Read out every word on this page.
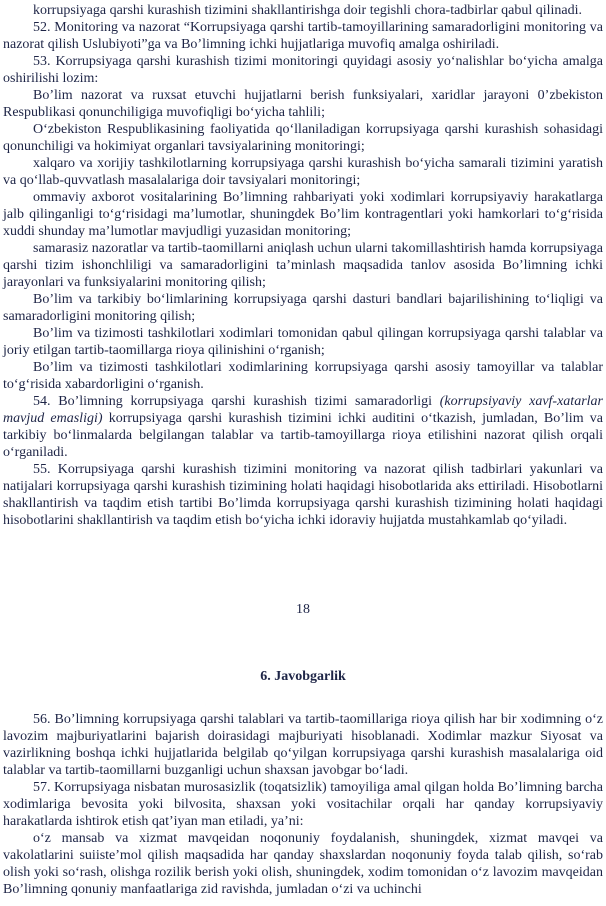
korrupsiyaga qarshi kurashish tizimini shakllantirishga doir tegishli chora-tadbirlar qabul qilinadi.

52. Monitoring va nazorat “Korrupsiyaga qarshi tartib-tamoyillarining samaradorligini monitoring va nazorat qilish Uslubiyoti”ga va Bo’limning ichki hujjatlariga muvofiq amalga oshiriladi.

53. Korrupsiyaga qarshi kurashish tizimi monitoringi quyidagi asosiy yo‘nalishlar bo‘yicha amalga oshirilishi lozim:

Bo’lim nazorat va ruxsat etuvchi hujjatlarni berish funksiyalari, xaridlar jarayoni 0’zbekiston Respublikasi qonunchiligiga muvofiqligi bo‘yicha tahlili;

O‘zbekiston Respublikasining faoliyatida qo‘llaniladigan korrupsiyaga qarshi kurashish sohasidagi qonunchiligi va hokimiyat organlari tavsiyalarining monitoringi;

xalqaro va xorijiy tashkilotlarning korrupsiyaga qarshi kurashish bo‘yicha samarali tizimini yaratish va qo‘llab-quvvatlash masalalariga doir tavsiyalari monitoringi;

ommaviy axborot vositalarining Bo’limning rahbariyati yoki xodimlari korrupsiyaviy harakatlarga jalb qilinganligi to‘g‘risidagi ma’lumotlar, shuningdek Bo’lim kontragentlari yoki hamkorlari to‘g‘risida xuddi shunday ma’lumotlar mavjudligi yuzasidan monitoring;

samarasiz nazoratlar va tartib-taomillarni aniqlash uchun ularni takomillashtirish hamda korrupsiyaga qarshi tizim ishonchliligi va samaradorligini ta’minlash maqsadida tanlov asosida Bo’limning ichki jarayonlari va funksiyalarini monitoring qilish;

Bo’lim va tarkibiy bo‘limlarining korrupsiyaga qarshi dasturi bandlari bajarilishining to‘liqligi va samaradorligini monitoring qilish;

Bo’lim va tizimosti tashkilotlari xodimlari tomonidan qabul qilingan korrupsiyaga qarshi talablar va joriy etilgan tartib-taomillarga rioya qilinishini o‘rganish;

Bo’lim va tizimosti tashkilotlari xodimlarining korrupsiyaga qarshi asosiy tamoyillar va talablar to‘g‘risida xabardorligini o‘rganish.

54. Bo’limning korrupsiyaga qarshi kurashish tizimi samaradorligi (korrupsiyaviy xavf-xatarlar mavjud emasligi) korrupsiyaga qarshi kurashish tizimini ichki auditini o‘tkazish, jumladan, Bo’lim va tarkibiy bo‘linmalarda belgilangan talablar va tartib-tamoyillarga rioya etilishini nazorat qilish orqali o‘rganiladi.

55. Korrupsiyaga qarshi kurashish tizimini monitoring va nazorat qilish tadbirlari yakunlari va natijalari korrupsiyaga qarshi kurashish tizimining holati haqidagi hisobotlarida aks ettiriladi. Hisobotlarni shakllantirish va taqdim etish tartibi Bo’limda korrupsiyaga qarshi kurashish tizimining holati haqidagi hisobotlarini shakllantirish va taqdim etish bo‘yicha ichki idoraviy hujjatda mustahkamlab qo‘yiladi.

18
6. Javobgarlik

56. Bo’limning korrupsiyaga qarshi talablari va tartib-taomillariga rioya qilish har bir xodimning o‘z lavozim majburiyatlarini bajarish doirasidagi majburiyati hisoblanadi. Xodimlar mazkur Siyosat va vazirlikning boshqa ichki hujjatlarida belgilab qo‘yilgan korrupsiyaga qarshi kurashish masalalariga oid talablar va tartib-taomillarni buzganligi uchun shaxsan javobgar bo‘ladi.

57. Korrupsiyaga nisbatan murosasizlik (toqatsizlik) tamoyiliga amal qilgan holda Bo’limning barcha xodimlariga bevosita yoki bilvosita, shaxsan yoki vositachilar orqali har qanday korrupsiyaviy harakatlarda ishtirok etish qat’iyan man etiladi, ya’ni:

o‘z mansab va xizmat mavqeidan noqonuniy foydalanish, shuningdek, xizmat mavqei va vakolatlarini suiiste’mol qilish maqsadida har qanday shaxslardan noqonuniy foyda talab qilish, so‘rab olish yoki so‘rash, olishga rozilik berish yoki olish, shuningdek, xodim tomonidan o‘z lavozim mavqeidan Bo’limning qonuniy manfaatlariga zid ravishda, jumladan o‘zi va uchinchi
